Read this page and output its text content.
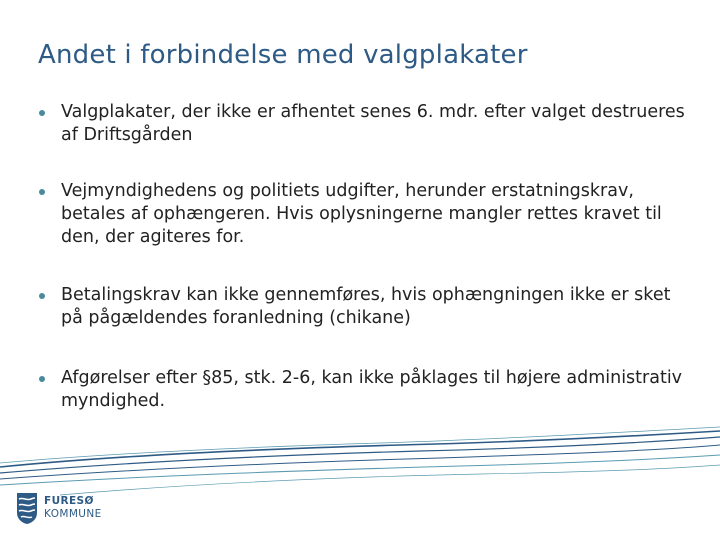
Andet i forbindelse med valgplakater
Valgplakater, der ikke er afhentet senes 6. mdr. efter valget destrueres af Driftsgården
Vejmyndighedens og politiets udgifter, herunder erstatningskrav, betales af ophængeren. Hvis oplysningerne mangler rettes kravet til den, der agiteres for.
Betalingskrav kan ikke gennemføres, hvis ophængningen ikke er sket på pågældendes foranledning (chikane)
Afgørelser efter §85, stk. 2-6, kan ikke påklages til højere administrativ myndighed.
FURESØ
KOMMUNE
